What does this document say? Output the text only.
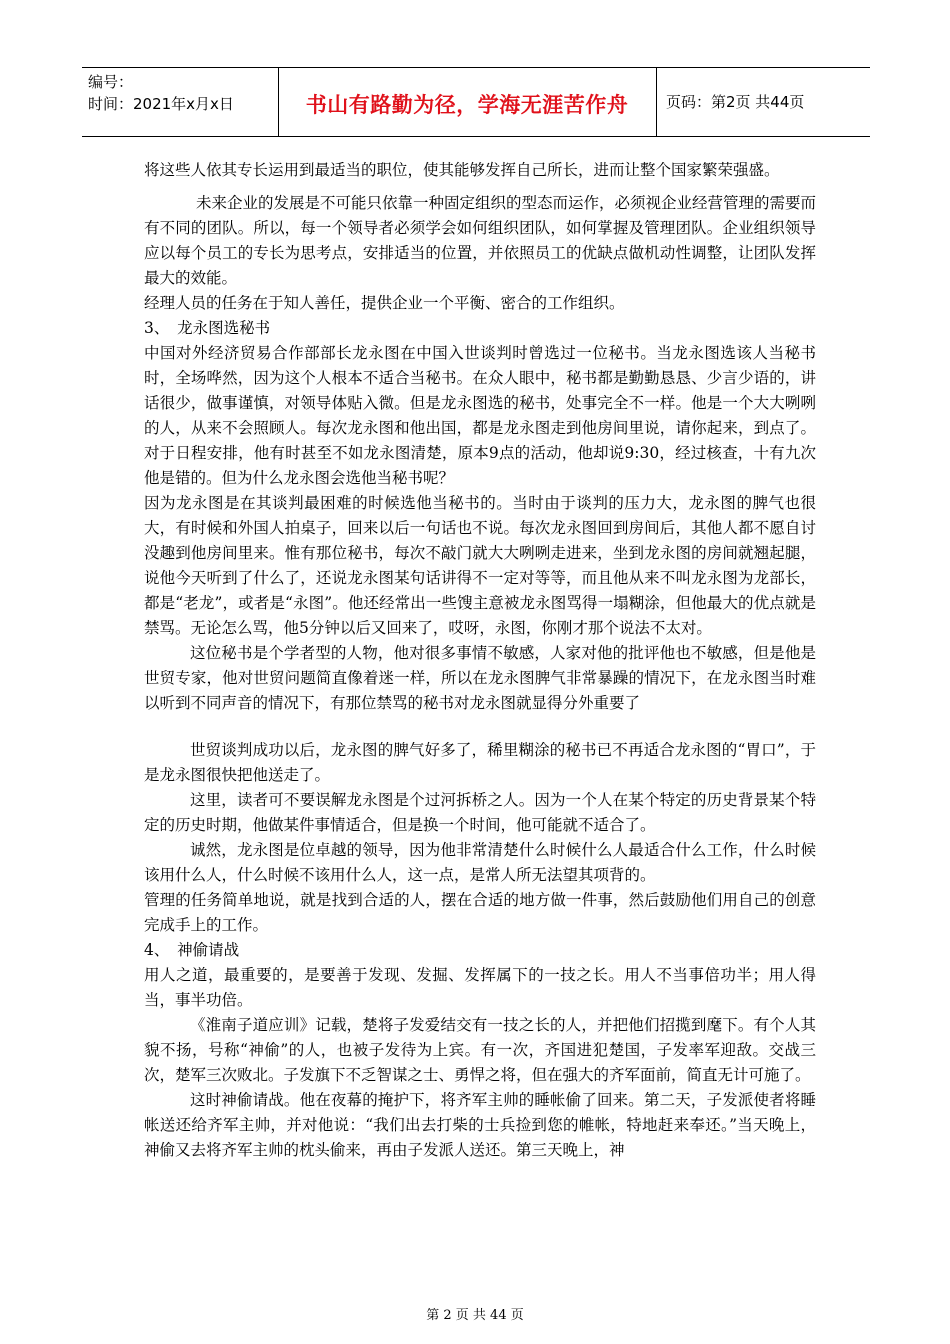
编号：
时间：2021年x月x日	书山有路勤为径，学海无涯苦作舟	页码：第2页 共44页

将这些人依其专长运用到最适当的职位，使其能够发挥自己所长，进而让整个国家繁荣强盛。

未来企业的发展是不可能只依靠一种固定组织的型态而运作，必须视企业经营管理的需要而有不同的团队。所以，每一个领导者必须学会如何组织团队，如何掌握及管理团队。企业组织领导应以每个员工的专长为思考点，安排适当的位置，并依照员工的优缺点做机动性调整，让团队发挥最大的效能。

经理人员的任务在于知人善任，提供企业一个平衡、密合的工作组织。

3、　龙永图选秘书

中国对外经济贸易合作部部长龙永图在中国入世谈判时曾选过一位秘书。当龙永图选该人当秘书时，全场哗然，因为这个人根本不适合当秘书。在众人眼中，秘书都是勤勤恳恳、少言少语的，讲话很少，做事谨慎，对领导体贴入微。但是龙永图选的秘书，处事完全不一样。他是一个大大咧咧的人，从来不会照顾人。每次龙永图和他出国，都是龙永图走到他房间里说，请你起来，到点了。对于日程安排，他有时甚至不如龙永图清楚，原本9点的活动，他却说9:30，经过核查，十有九次他是错的。但为什么龙永图会选他当秘书呢？

因为龙永图是在其谈判最困难的时候选他当秘书的。当时由于谈判的压力大，龙永图的脾气也很大，有时候和外国人拍桌子，回来以后一句话也不说。每次龙永图回到房间后，其他人都不愿自讨没趣到他房间里来。惟有那位秘书，每次不敲门就大大咧咧走进来，坐到龙永图的房间就翘起腿，说他今天听到了什么了，还说龙永图某句话讲得不一定对等等，而且他从来不叫龙永图为龙部长，都是“老龙”，或者是“永图”。他还经常出一些馊主意被龙永图骂得一塌糊涂，但他最大的优点就是禁骂。无论怎么骂，他5分钟以后又回来了，哎呀，永图，你刚才那个说法不太对。

这位秘书是个学者型的人物，他对很多事情不敏感，人家对他的批评他也不敏感，但是他是世贸专家，他对世贸问题简直像着迷一样，所以在龙永图脾气非常暴躁的情况下，在龙永图当时难以听到不同声音的情况下，有那位禁骂的秘书对龙永图就显得分外重要了

世贸谈判成功以后，龙永图的脾气好多了，稀里糊涂的秘书已不再适合龙永图的“胃口”，于是龙永图很快把他送走了。

这里，读者可不要误解龙永图是个过河拆桥之人。因为一个人在某个特定的历史背景某个特定的历史时期，他做某件事情适合，但是换一个时间，他可能就不适合了。

诚然，龙永图是位卓越的领导，因为他非常清楚什么时候什么人最适合什么工作，什么时候该用什么人，什么时候不该用什么人，这一点，是常人所无法望其项背的。

管理的任务简单地说，就是找到合适的人，摆在合适的地方做一件事，然后鼓励他们用自己的创意完成手上的工作。

4、　神偷请战

用人之道，最重要的，是要善于发现、发掘、发挥属下的一技之长。用人不当事倍功半；用人得当，事半功倍。

《淮南子道应训》记载，楚将子发爱结交有一技之长的人，并把他们招揽到麾下。有个人其貌不扬，号称“神偷”的人，也被子发待为上宾。有一次，齐国进犯楚国，子发率军迎敌。交战三次，楚军三次败北。子发旗下不乏智谋之士、勇悍之将，但在强大的齐军面前，简直无计可施了。

这时神偷请战。他在夜幕的掩护下，将齐军主帅的睡帐偷了回来。第二天，子发派使者将睡帐送还给齐军主帅，并对他说：“我们出去打柴的士兵捡到您的帷帐，特地赶来奉还。”当天晚上，神偷又去将齐军主帅的枕头偷来，再由子发派人送还。第三天晚上，神

第 2 页 共 44 页
